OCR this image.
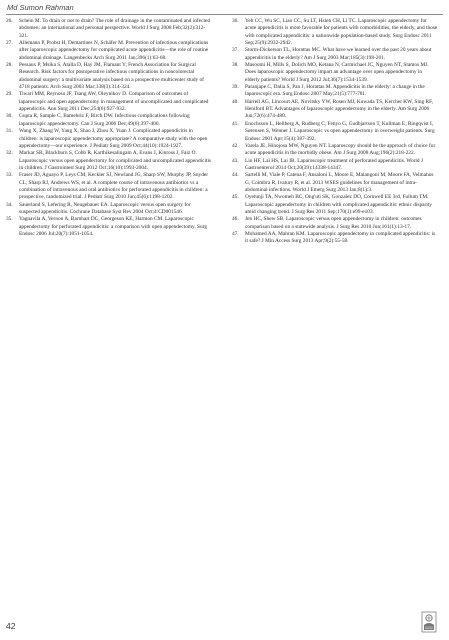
Md Sumon Rahman

26. Schein M. To drain or not to drain? The role of drainage in the contaminated and infected abdomen: an international and personal perspective. World J Surg 2008 Feb;32(2):312-321.

27. Allemann P, Probst H, Demartines N, Schäfer M. Prevention of infectious complications after laparoscopic appendectomy for complicated acute appendicitis—the role of routine abdominal drainage. Langenbecks Arch Surg 2011 Jan;396(1):63-68.

28. Pessaux P, Msika S, Atalla D, Hay JM, Flamant Y; French Association for Surgical Research. Risk factors for postoperative infectious complications in noncolorectal abdominal surgery: a multivariate analysis based on a prospective multicenter study of 4718 patients. Arch Surg 2003 Mar;138(3):314-324.

29. Tiwari MM, Reynoso JF, Tsang AW, Oleynikov D. Comparison of outcomes of laparoscopic and open appendectomy in management of uncomplicated and complicated appendicitis. Ann Surg 2011 Dec;254(6):927-932.

30. Gupta R, Sample C, Bamehriz F, Birch DW. Infectious complications following laparoscopic appendectomy. Can J Surg 2006 Dec;49(6):397-400.

31. Wang X, Zhang W, Yang X, Shao J, Zhou X, Yuan J. Complicated appendicitis in children: is laparoscopic appendectomy appropriate? A comparative study with the open appendectomy—our experience. J Pediatr Surg 2009 Oct;44(10):1924-1927.

32. Markar SR, Blackburn S, Cobb R, Karthikesalingam A, Evans J, Kinross J, Faiz O. Laparoscopic versus open appendectomy for complicated and uncomplicated appendicitis in children. J Gastrointest Surg 2012 Oct;16(10):1993-2004.

33. Fraser JD, Aguayo P, Leys CM, Keckler SJ, Newland JG, Sharp SW, Murphy JP, Snyder CL, Sharp RJ, Andrews WS, et al. A complete course of intravenous antibiotics vs a combination of intravenous and oral antibiotics for perforated appendicitis in children: a prospective, randomized trial. J Pediatr Surg 2010 Jun;45(6):1198-1202.

34. Sauerland S, Lefering R, Neugebauer EA. Laparoscopic versus open surgery for suspected appendicitis. Cochrane Database Syst Rev 2004 Oct;4:CD001546.

35. Yagnavila A, Vernon A, Barnhart DC, Georgeson KE, Harmon CM. Laparoscopic appendectomy for perforated appendicitis: a comparison with open appendectomy. Surg Endosc 2006 Jul;20(7):1051-1054.

36. Yeh CC, Wu SC, Liao CC, Su LT, Hsieh CH, Li TC. Laparoscopic appendectomy for acute appendicitis is more favorable for patients with comorbidities, the elderly, and those with complicated appendicitis: a nationwide population-based study. Surg Endosc 2011 Sep;25(9):2932-2942.

37. Storm-Dickerson TL, Horattas MC. What have we learned over the past 20 years about appendicitis in the elderly? Am J Surg 2003 Mar;185(3):198-201.

38. Masoomi H, Mills S, Dolich MO, Ketana N, Carmichael JC, Nguyen NT, Stamos MJ. Does laparoscopic appendectomy impart an advantage over open appendectomy in elderly patients? World J Surg 2012 Jul;36(7):1534-1539.

39. Paranjape C, Dalia S, Pan J, Horattas M. Appendicitis in the elderly: a change in the laparoscopic era. Surg Endosc 2007 May;21(5):777-781.

40. Harrell AG, Lincourt AE, Novitsky YW, Rosen MJ, Kuwada TS, Kercher KW, Sing RF, Heniford BT. Advantages of laparoscopic appendectomy in the elderly. Am Surg 2006 Jun;72(6):474-480.

41. Enochsson L, Hellberg A, Rudberg C, Fenyo G, Gudbjartson T, Kullman E, Ringqvist I, Sørensen S, Wenner J. Laparoscopic vs open appendectomy in overweight patients. Surg Endosc 2001 Apr;15(4):387-392.

42. Varela JE, Hinojosa MW, Nguyen NT. Laparoscopy should be the approach of choice for acute appendicitis in the morbidly obese. Am J Surg 2008 Aug;196(2):218-222.

43. Lin HF, Lai HS, Lai IR. Laparoscopic treatment of perforated appendicitis. World J Gastroenterol 2014 Oct;20(39):14338-14347.

44. Sartelli M, Viale P, Catena F, Ansaloni L, Moore E, Malangoni M, Moore FA, Velmahos G, Coimbra R, Ivatury R, et al. 2013 WSES guidelines for management of intra-abdominal infections. World J Emerg Surg 2013 Jan;8(1):3.

45. Oyetunji TA, Nwomeh BC, Ong'uti SK, Gonzalez DO, Cornwell EE 3rd, Fullum TM. Laparoscopic appendectomy in children with complicated appendicitis: ethnic disparity amid changing trend. J Surg Res 2011 Sep;170(1):e99-e103.

46. Jen HC, Shew SB. Laparoscopic versus open appendectomy in children: outcomes comparison based on a statewide analysis. J Surg Res 2010 Jun;161(1):13-17.

47. Mohamed AA, Mahran KM. Laparoscopic appendectomy in complicated appendicitis: is it safe? J Min Access Surg 2013 Apr;9(2):55-58.

42
